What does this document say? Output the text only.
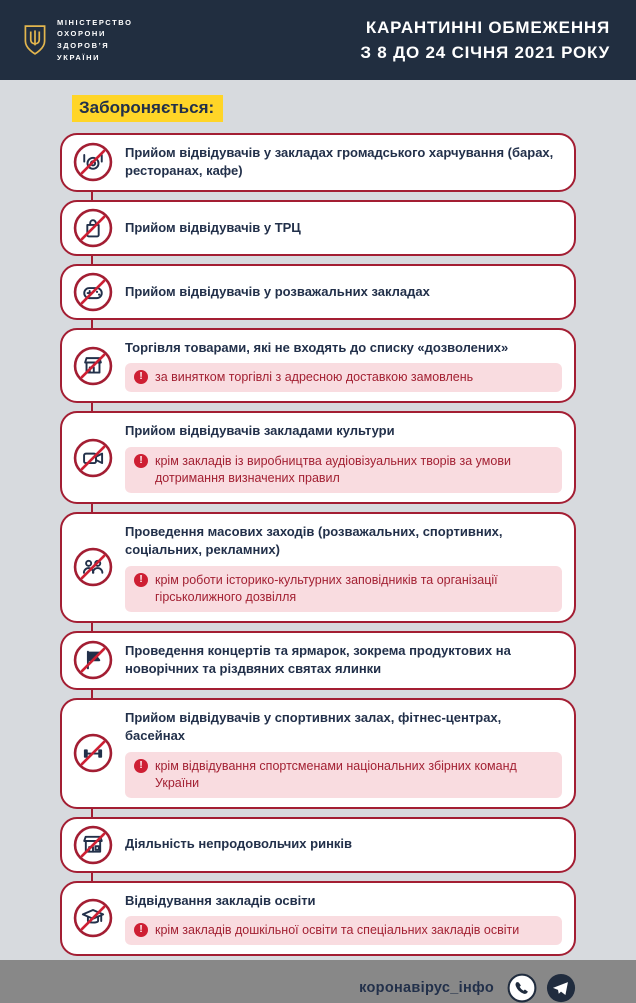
МІНІСТЕРСТВО
ОХОРОНИ
ЗДОРОВ’Я
УКРАЇНИ
КАРАНТИННІ ОБМЕЖЕННЯ
З 8 ДО 24 СІЧНЯ 2021 РОКУ
Забороняється:
Прийом відвідувачів у закладах громадського харчування (барах, ресторанах, кафе)
Прийом відвідувачів у ТРЦ
Прийом відвідувачів у розважальних закладах
Торгівля товарами, які не входять до списку «дозволених»
! за винятком торгівлі з адресною доставкою замовлень
Прийом відвідувачів закладами культури
! крім закладів із виробництва аудіовізуальних творів за умови дотримання визначених правил
Проведення масових заходів (розважальних, спортивних, соціальних, рекламних)
! крім роботи історико-культурних заповідників та організації гірськолижного дозвілля
Проведення концертів та ярмарок, зокрема продуктових на новорічних та різдвяних святах ялинки
Прийом відвідувачів у спортивних залах, фітнес-центрах, басейнах
! крім відвідування спортсменами національних збірних команд України
Діяльність непродовольчих ринків
Відвідування закладів освіти
! крім закладів дошкільної освіти та спеціальних закладів освіти
коронавірус_інфо
